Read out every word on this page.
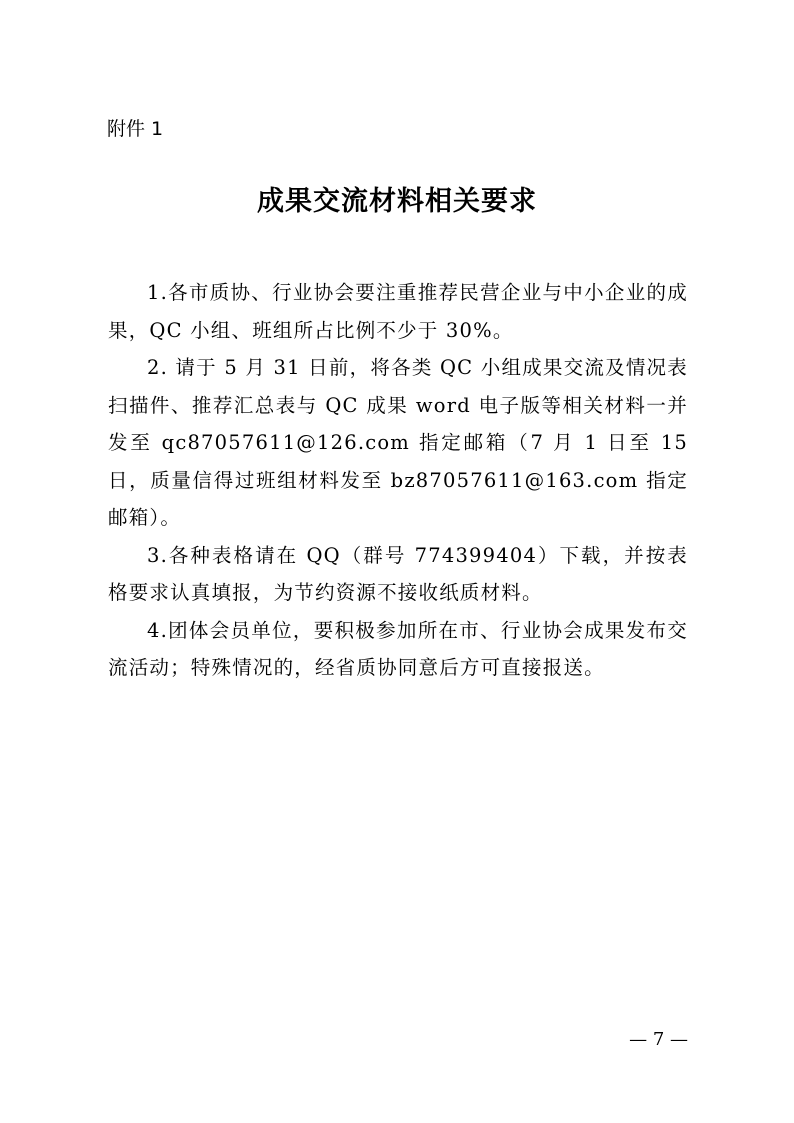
附件 1
成果交流材料相关要求

1.各市质协、行业协会要注重推荐民营企业与中小企业的成果，QC 小组、班组所占比例不少于 30%。

2. 请于 5 月 31 日前，将各类 QC 小组成果交流及情况表扫描件、推荐汇总表与 QC 成果 word 电子版等相关材料一并发至 qc87057611@126.com 指定邮箱（7 月 1 日至 15 日，质量信得过班组材料发至 bz87057611@163.com 指定邮箱）。

3.各种表格请在 QQ（群号 774399404）下载，并按表格要求认真填报，为节约资源不接收纸质材料。

4.团体会员单位，要积极参加所在市、行业协会成果发布交流活动；特殊情况的，经省质协同意后方可直接报送。

— 7 —
